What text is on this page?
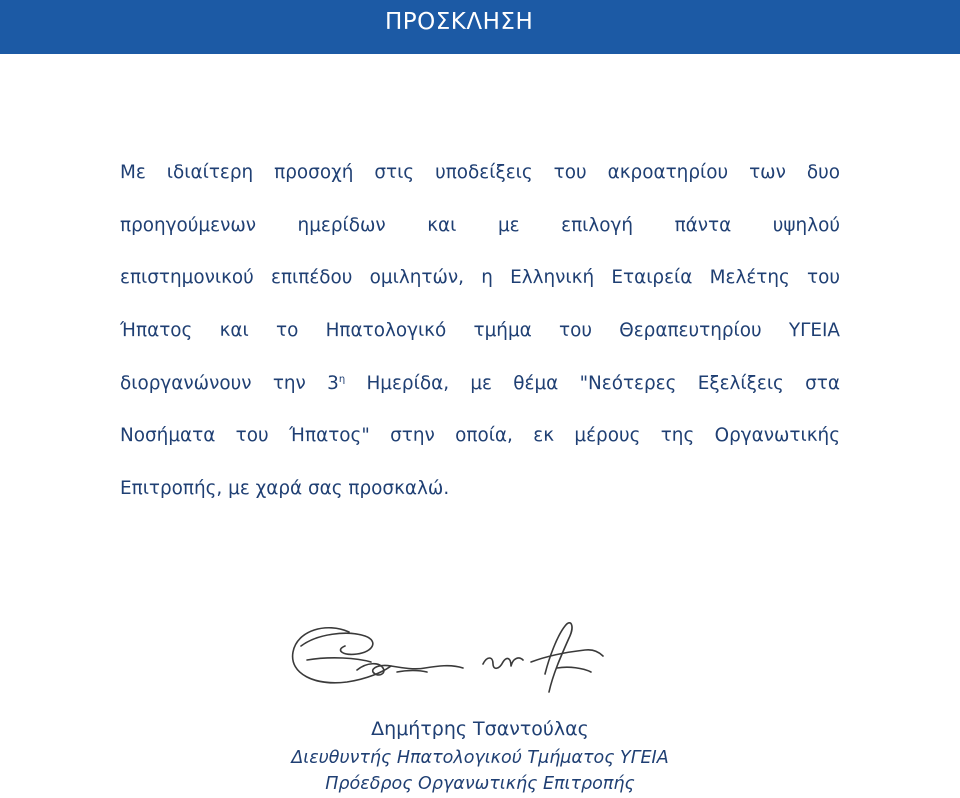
ΠΡΟΣΚΛΗΣΗ
Με ιδιαίτερη προσοχή στις υποδείξεις του ακροατηρίου των δυο
προηγούμενων ημερίδων και με επιλογή πάντα υψηλού
επιστημονικού επιπέδου ομιλητών, η Ελληνική Εταιρεία Μελέτης του
Ήπατος και το Ηπατολογικό τμήμα του Θεραπευτηρίου ΥΓΕΙΑ
διοργανώνουν την $3^\eta$ Ημερίδα, με θέμα "Νεότερες Εξελίξεις στα
Νοσήματα του Ήπατος" στην οποία, εκ μέρους της Οργανωτικής
Επιτροπής, με χαρά σας προσκαλώ.
Δημήτρης Τσαντούλας
Διευθυντής Ηπατολογικού Τμήματος ΥΓΕΙΑ
Πρόεδρος Οργανωτικής Επιτροπής
